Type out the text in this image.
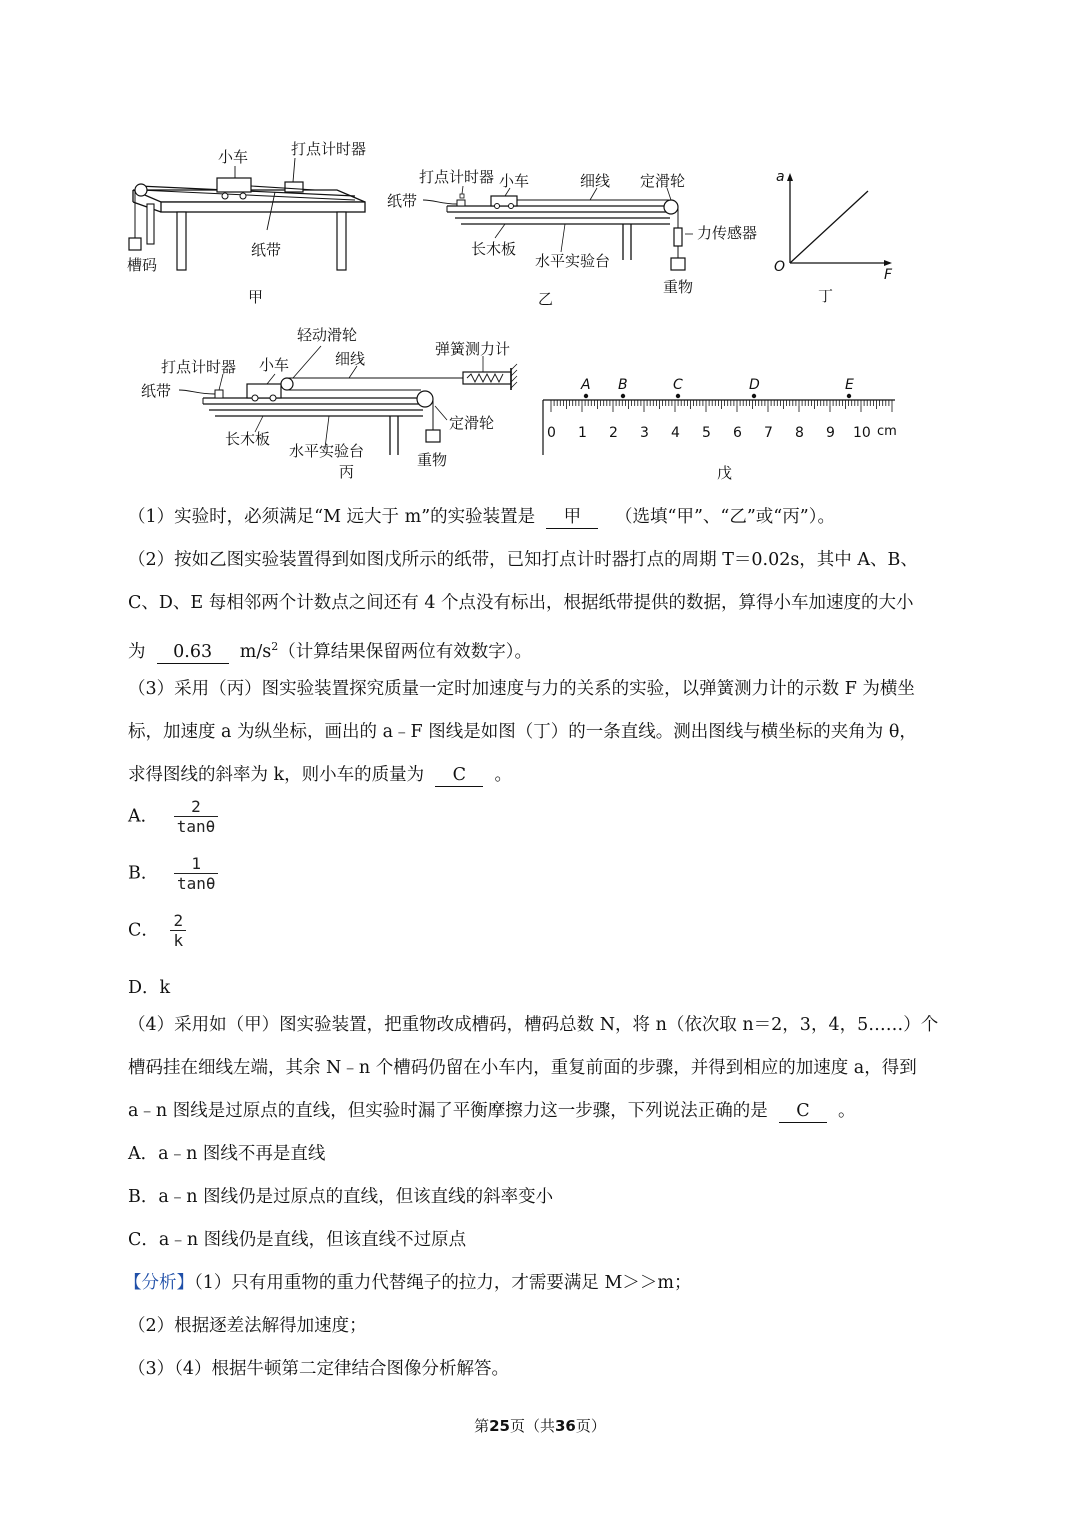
小车	打点计时器
纸带
槽码
甲
打点计时器 小车	细线 定滑轮
纸带
力传感器
长木板
水平实验台
重物
乙
a
O	F
丁
轻动滑轮
打点计时器 小车	细线
弹簧测力计
纸带
定滑轮
长木板
水平实验台	重物
丙
A B	C	D	E
0 1 2 3 4 5 6 7 8 9 10 cm
戊
（1）实验时，必须满足“M 远大于 m”的实验装置是 甲 （选填“甲”、“乙”或“丙”）。
（2）按如乙图实验装置得到如图戊所示的纸带，已知打点计时器打点的周期 T＝0.02s，其中 A、B、
C、D、E 每相邻两个计数点之间还有 4 个点没有标出，根据纸带提供的数据，算得小车加速度的大小
为 0.63 $m/s^2$（计算结果保留两位有效数字）。
（3）采用（丙）图实验装置探究质量一定时加速度与力的关系的实验，以弹簧测力计的示数 F 为横坐
标，加速度 a 为纵坐标，画出的 a﹣F 图线是如图（丁）的一条直线。测出图线与横坐标的夹角为 θ，
求得图线的斜率为 k，则小车的质量为 C 。
A． $\frac{2}{\tan\theta}$
B． $\frac{1}{\tan\theta}$
C． $\frac{2}{k}$
D．k
（4）采用如（甲）图实验装置，把重物改成槽码，槽码总数 N，将 n（依次取 n＝2，3，4，5……）个
槽码挂在细线左端，其余 N﹣n 个槽码仍留在小车内，重复前面的步骤，并得到相应的加速度 a，得到
a﹣n 图线是过原点的直线，但实验时漏了平衡摩擦力这一步骤，下列说法正确的是 C 。
A．a﹣n 图线不再是直线
B．a﹣n 图线仍是过原点的直线，但该直线的斜率变小
C．a﹣n 图线仍是直线，但该直线不过原点
【分析】（1）只有用重物的重力代替绳子的拉力，才需要满足 M＞＞m；
（2）根据逐差法解得加速度；
（3）（4）根据牛顿第二定律结合图像分析解答。
第25页（共36页）
